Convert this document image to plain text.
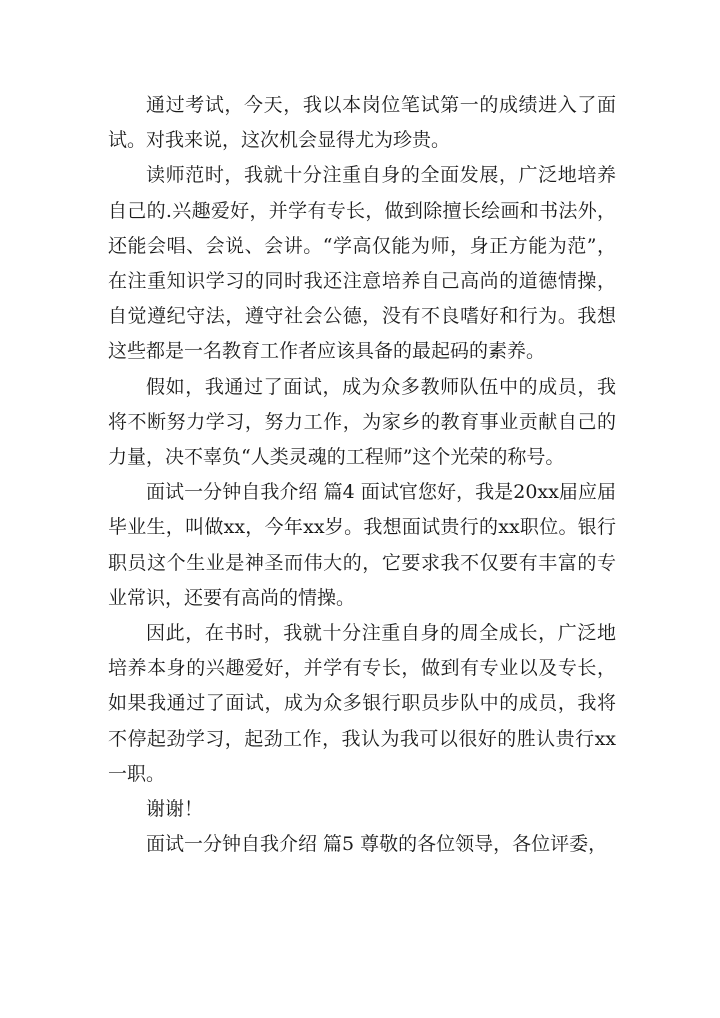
通过考试，今天，我以本岗位笔试第一的成绩进入了面试。对我来说，这次机会显得尤为珍贵。

读师范时，我就十分注重自身的全面发展，广泛地培养自己的.兴趣爱好，并学有专长，做到除擅长绘画和书法外，还能会唱、会说、会讲。“学高仅能为师，身正方能为范”，在注重知识学习的同时我还注意培养自己高尚的道德情操，自觉遵纪守法，遵守社会公德，没有不良嗜好和行为。我想这些都是一名教育工作者应该具备的最起码的素养。

假如，我通过了面试，成为众多教师队伍中的成员，我将不断努力学习，努力工作，为家乡的教育事业贡献自己的力量，决不辜负“人类灵魂的工程师”这个光荣的称号。

面试一分钟自我介绍 篇4 面试官您好，我是20xx届应届毕业生，叫做xx，今年xx岁。我想面试贵行的xx职位。银行职员这个生业是神圣而伟大的，它要求我不仅要有丰富的专业常识，还要有高尚的情操。

因此，在书时，我就十分注重自身的周全成长，广泛地培养本身的兴趣爱好，并学有专长，做到有专业以及专长，如果我通过了面试，成为众多银行职员步队中的成员，我将不停起劲学习，起劲工作，我认为我可以很好的胜认贵行xx一职。

谢谢！

面试一分钟自我介绍 篇5 尊敬的各位领导，各位评委，
